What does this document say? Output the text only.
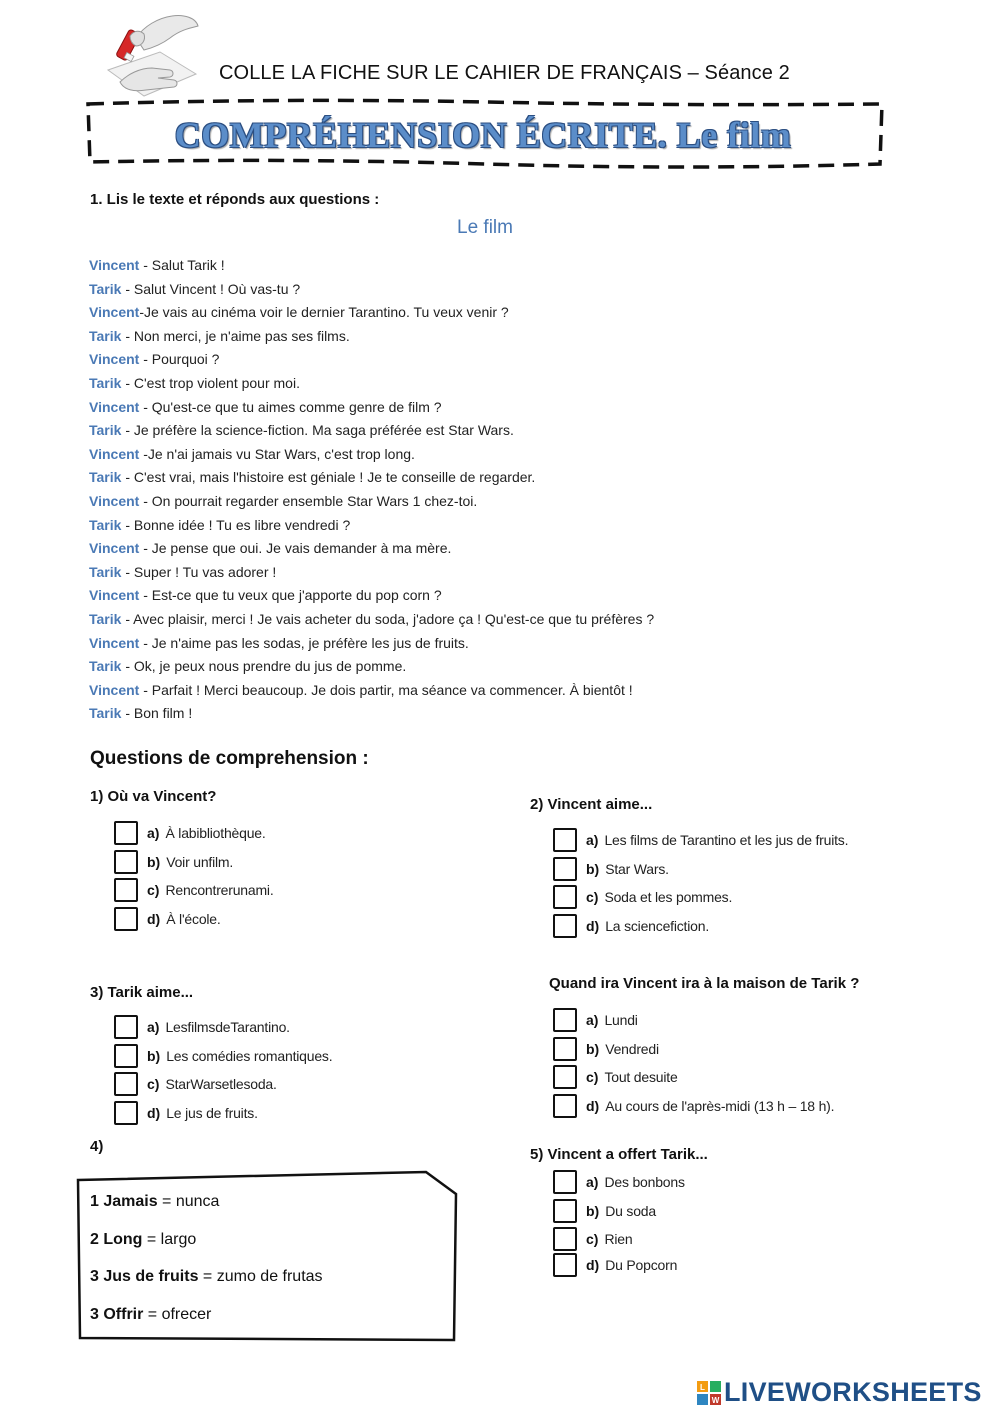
COLLE LA FICHE SUR LE CAHIER DE FRANÇAIS – Séance 2
COMPRÉHENSION ÉCRITE. Le film
1. Lis le texte et réponds aux questions :
Le film
Vincent - Salut Tarik !
Tarik - Salut Vincent ! Où vas-tu ?
Vincent-Je vais au cinéma voir le dernier Tarantino. Tu veux venir ?
Tarik - Non merci, je n'aime pas ses films.
Vincent - Pourquoi ?
Tarik - C'est trop violent pour moi.
Vincent - Qu'est-ce que tu aimes comme genre de film ?
Tarik - Je préfère la science-fiction. Ma saga préférée est Star Wars.
Vincent -Je n'ai jamais vu Star Wars, c'est trop long.
Tarik - C'est vrai, mais l'histoire est géniale ! Je te conseille de regarder.
Vincent - On pourrait regarder ensemble Star Wars 1 chez-toi.
Tarik - Bonne idée ! Tu es libre vendredi ?
Vincent - Je pense que oui. Je vais demander à ma mère.
Tarik - Super ! Tu vas adorer !
Vincent - Est-ce que tu veux que j'apporte du pop corn ?
Tarik - Avec plaisir, merci ! Je vais acheter du soda, j'adore ça ! Qu'est-ce que tu préfères ?
Vincent - Je n'aime pas les sodas, je préfère les jus de fruits.
Tarik - Ok, je peux nous prendre du jus de pomme.
Vincent - Parfait ! Merci beaucoup. Je dois partir, ma séance va commencer. À bientôt !
Tarik - Bon film !
Questions de comprehension :
1) Où va Vincent?
a) À labibliothèque.
b) Voir unfilm.
c) Rencontrerunami.
d) À l'école.
2) Vincent aime...
a) Les films de Tarantino et les jus de fruits.
b) Star Wars.
c) Soda et les pommes.
d) La sciencefiction.
3) Tarik aime...
a) LesfilmsdeTarantino.
b) Les comédies romantiques.
c) StarWarsetlesoda.
d) Le jus de fruits.
Quand ira Vincent ira à la maison de Tarik ?
a) Lundi
b) Vendredi
c) Tout desuite
d) Au cours de l'après-midi (13 h – 18 h).
4)
1 Jamais = nunca
2 Long = largo
3 Jus de fruits = zumo de frutas
3 Offrir = ofrecer
5) Vincent a offert Tarik...
a) Des bonbons
b) Du soda
c) Rien
d) Du Popcorn
L
W LIVEWORKSHEETS
